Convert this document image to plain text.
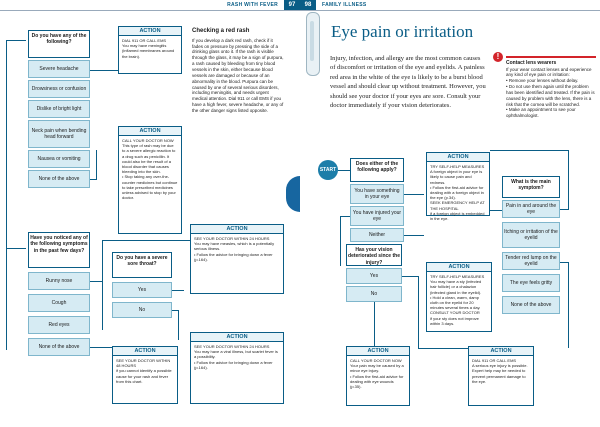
RASH WITH FEVER	97	98	FAMILY ILLNESS
Do you have any of the following?
Severe headache
Drowsiness or confusion
Dislike of bright light
Neck pain when bending head forward
Nausea or vomiting
None of the above
ACTION
DIAL 911 OR CALL EMS
You may have meningitis (inflamed membranes around the brain).
ACTION
CALL YOUR DOCTOR NOW
This type of rash may be due to a severe allergic reaction to a drug such as penicillin. It could also be the result of a blood disorder that causes bleeding into the skin.
• Stop taking any over-the-counter medicines but continue to take prescribed medicines unless advised to stop by your doctor.
Checking a red rash
If you develop a dark red rash, check if it fades on pressure by pressing the side of a drinking glass onto it. If the rash is visible through the glass, it may be a sign of purpura, a rash caused by bleeding from tiny blood vessels in the skin, either because blood vessels are damaged or because of an abnormality in the blood. Purpura can be caused by one of several serious disorders, including meningitis, and needs urgent medical attention. Dial 911 or call EMS if you have a high fever, severe headache, or any of the other danger signs listed opposite.
Have you noticed any of the following symptoms in the past few days?
Runny nose
Cough
Red eyes
None of the above
Do you have a severe sore throat?
Yes
No
ACTION
SEE YOUR DOCTOR WITHIN 24 HOURS
You may have measles, which is a potentially serious illness.
• Follow the advice for bringing down a fever (p.164).
ACTION
SEE YOUR DOCTOR WITHIN 24 HOURS
You may have a viral illness, but scarlet fever is a possibility.
• Follow the advice for bringing down a fever (p.164).
ACTION
SEE YOUR DOCTOR WITHIN 48 HOURS
if you cannot identify a possible cause for your rash and fever from this chart.
Eye pain or irritation
Injury, infection, and allergy are the most common causes of discomfort or irritation of the eye and eyelids. A painless red area in the white of the eye is likely to be a burst blood vessel and should clear up without treatment. However, you should see your doctor if your eyes are sore. Consult your doctor immediately if your vision deteriorates.
!
Contact lens wearers
If your wear contact lenses and experience any kind of eye pain or irritation:
• Remove your lenses without delay.
• Do not use them again until the problem has been identified and treated. If the pain is caused by problem with the lens, there is a risk that the cornea will be scratched.
• Make an appointment to see your ophthalmologist.
START
Does either of the following apply?
You have something in your eye
You have injured your eye
Neither
ACTION
TRY SELF-HELP MEASURES
A foreign object in your eye is likely to cause pain and redness.
• Follow the first-aid advice for dealing with a foreign object in the eye (p.34).
SEEK EMERGENCY HELP AT THE HOSPITAL
if a foreign object is embedded in the eye.
Has your vision deteriorated since the injury?
Yes
No
ACTION
TRY SELF-HELP MEASURES
You may have a sty (infected hair follicle) or a chalazion (infected gland in the eyelid).
• Hold a clean, warm, damp cloth on the eyelid for 20 minutes several times a day.
CONSULT YOUR DOCTOR
if your sty does not improve within 3 days.
ACTION
CALL YOUR DOCTOR NOW
Your pain may be caused by a minor eye injury.
• Follow the first-aid advice for dealing with eye wounds (p.35).
ACTION
DIAL 911 OR CALL EMS
A serious eye injury is possible. Expert help may be needed to prevent permanent damage to the eye.
What is the main symptom?
Pain in and around the eye
Itching or irritation of the eyelid
Tender red lump on the eyelid
The eye feels gritty
None of the above
